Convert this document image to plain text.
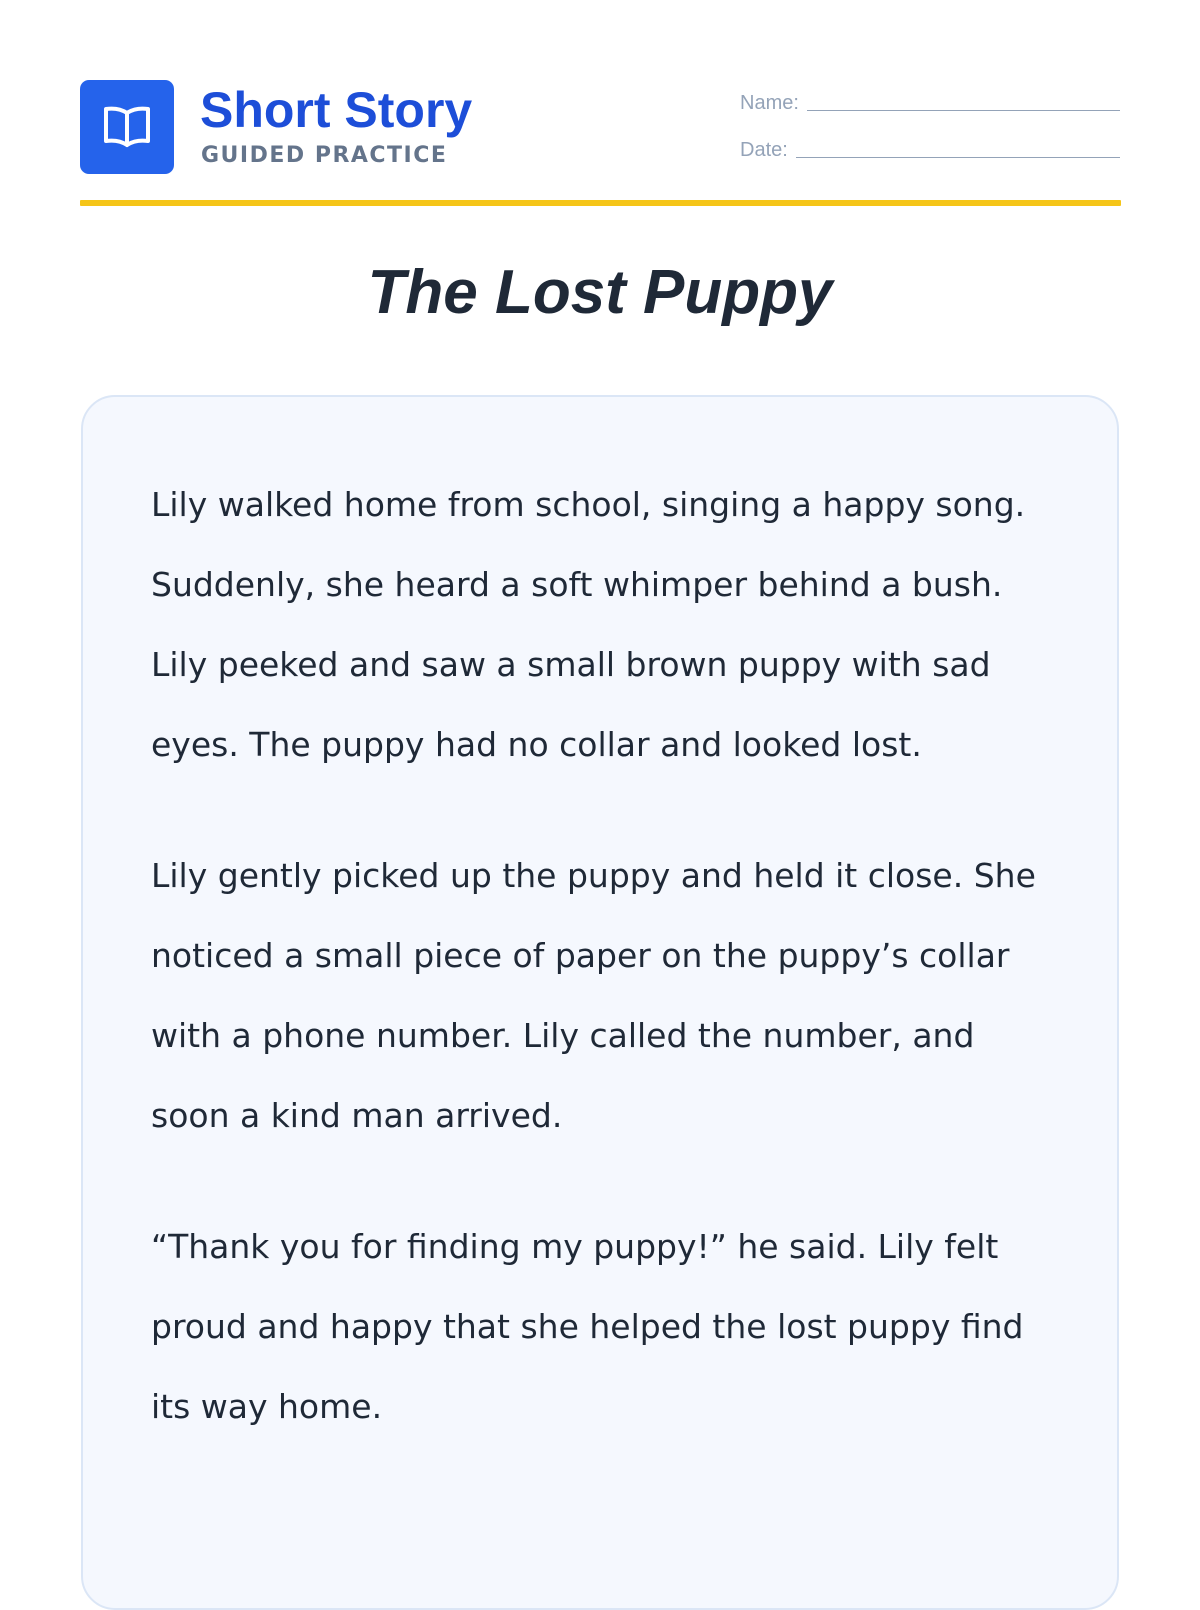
Short Story
GUIDED PRACTICE
Name:
Date:
The Lost Puppy

Lily walked home from school, singing a happy song. Suddenly, she heard a soft whimper behind a bush. Lily peeked and saw a small brown puppy with sad eyes. The puppy had no collar and looked lost.

Lily gently picked up the puppy and held it close. She noticed a small piece of paper on the puppy’s collar with a phone number. Lily called the number, and soon a kind man arrived.

“Thank you for finding my puppy!” he said. Lily felt proud and happy that she helped the lost puppy find its way home.
